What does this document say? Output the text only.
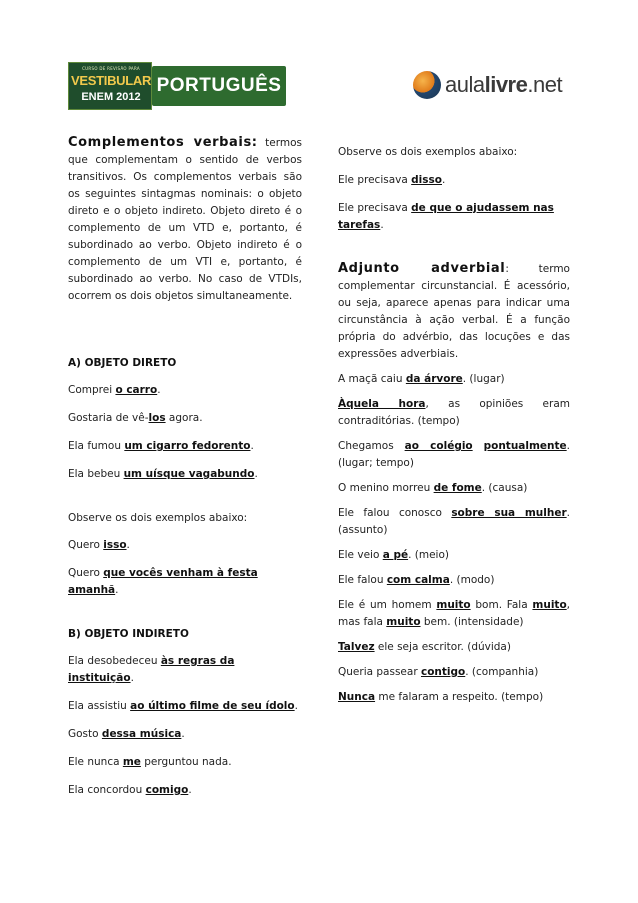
CURSO DE REVISÃO PARA
VESTIBULAR
ENEM 2012
PORTUGUÊS	aulalivre.net

Complementos verbais: termos que complementam o sentido de verbos transitivos. Os complementos verbais são os seguintes sintagmas nominais: o objeto direto e o objeto indireto. Objeto direto é o complemento de um VTD e, portanto, é subordinado ao verbo. Objeto indireto é o complemento de um VTI e, portanto, é subordinado ao verbo. No caso de VTDIs, ocorrem os dois objetos simultaneamente.

A) OBJETO DIRETO

Comprei o carro.

Gostaria de vê-los agora.

Ela fumou um cigarro fedorento.

Ela bebeu um uísque vagabundo.

Observe os dois exemplos abaixo:

Quero isso.

Quero que vocês venham à festa amanhã.

B) OBJETO INDIRETO

Ela desobedeceu às regras da instituição.

Ela assistiu ao último filme de seu ídolo.

Gosto dessa música.

Ele nunca me perguntou nada.

Ela concordou comigo.

Observe os dois exemplos abaixo:

Ele precisava disso.

Ele precisava de que o ajudassem nas tarefas.

Adjunto adverbial: termo complementar circunstancial. É acessório, ou seja, aparece apenas para indicar uma circunstância à ação verbal. É a função própria do advérbio, das locuções e das expressões adverbiais.

A maçã caiu da árvore. (lugar)

Àquela hora, as opiniões eram contraditórias. (tempo)

Chegamos ao colégio pontualmente. (lugar; tempo)

O menino morreu de fome. (causa)

Ele falou conosco sobre sua mulher. (assunto)

Ele veio a pé. (meio)

Ele falou com calma. (modo)

Ele é um homem muito bom. Fala muito, mas fala muito bem. (intensidade)

Talvez ele seja escritor. (dúvida)

Queria passear contigo. (companhia)

Nunca me falaram a respeito. (tempo)
